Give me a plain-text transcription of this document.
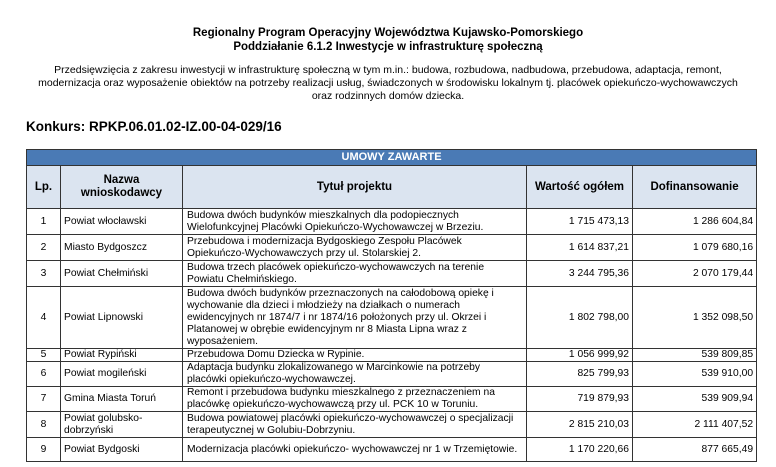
Regionalny Program Operacyjny Województwa Kujawsko-Pomorskiego
Poddziałanie 6.1.2 Inwestycje w infrastrukturę społeczną
Przedsięwzięcia z zakresu inwestycji w infrastrukturę społeczną w tym m.in.: budowa, rozbudowa, nadbudowa, przebudowa, adaptacja, remont, modernizacja oraz wyposażenie obiektów na potrzeby realizacji usług, świadczonych w środowisku lokalnym tj. placówek opiekuńczo-wychowawczych oraz rodzinnych domów dziecka.
Konkurs: RPKP.06.01.02-IZ.00-04-029/16
UMOWY ZAWARTE				
Lp.	Nazwa wnioskodawcy	Tytuł projektu	Wartość ogółem	Dofinansowanie
1	Powiat włocławski	Budowa dwóch budynków mieszkalnych dla podopiecznych Wielofunkcyjnej Placówki Opiekuńczo-Wychowawczej w Brzeziu.	1 715 473,13	1 286 604,84
2	Miasto Bydgoszcz	Przebudowa i modernizacja Bydgoskiego Zespołu Placówek Opiekuńczo-Wychowawczych przy ul. Stolarskiej 2.	1 614 837,21	1 079 680,16
3	Powiat Chełmiński	Budowa trzech placówek opiekuńczo-wychowawczych na terenie Powiatu Chełmińskiego.	3 244 795,36	2 070 179,44
4	Powiat Lipnowski	Budowa dwóch budynków przeznaczonych na całodobową opiekę i wychowanie dla dzieci i młodzieży na działkach o numerach ewidencyjnych nr 1874/7 i nr 1874/16 położonych przy ul. Okrzei i Platanowej w obrębie ewidencyjnym nr 8 Miasta Lipna wraz z wyposażeniem.	1 802 798,00	1 352 098,50
5	Powiat Rypiński	Przebudowa Domu Dziecka w Rypinie.	1 056 999,92	539 809,85
6	Powiat mogileński	Adaptacja budynku zlokalizowanego w Marcinkowie na potrzeby placówki opiekuńczo-wychowawczej.	825 799,93	539 910,00
7	Gmina Miasta Toruń	Remont i przebudowa budynku mieszkalnego z przeznaczeniem na placówkę opiekuńczo-wychowawczą przy ul. PCK 10 w Toruniu.	719 879,93	539 909,94
8	Powiat golubsko-dobrzyński	Budowa powiatowej placówki opiekuńczo-wychowawczej o specjalizacji terapeutycznej w Golubiu-Dobrzyniu.	2 815 210,03	2 111 407,52
9	Powiat Bydgoski	Modernizacja placówki opiekuńczo- wychowawczej nr 1 w Trzemiętowie.	1 170 220,66	877 665,49
